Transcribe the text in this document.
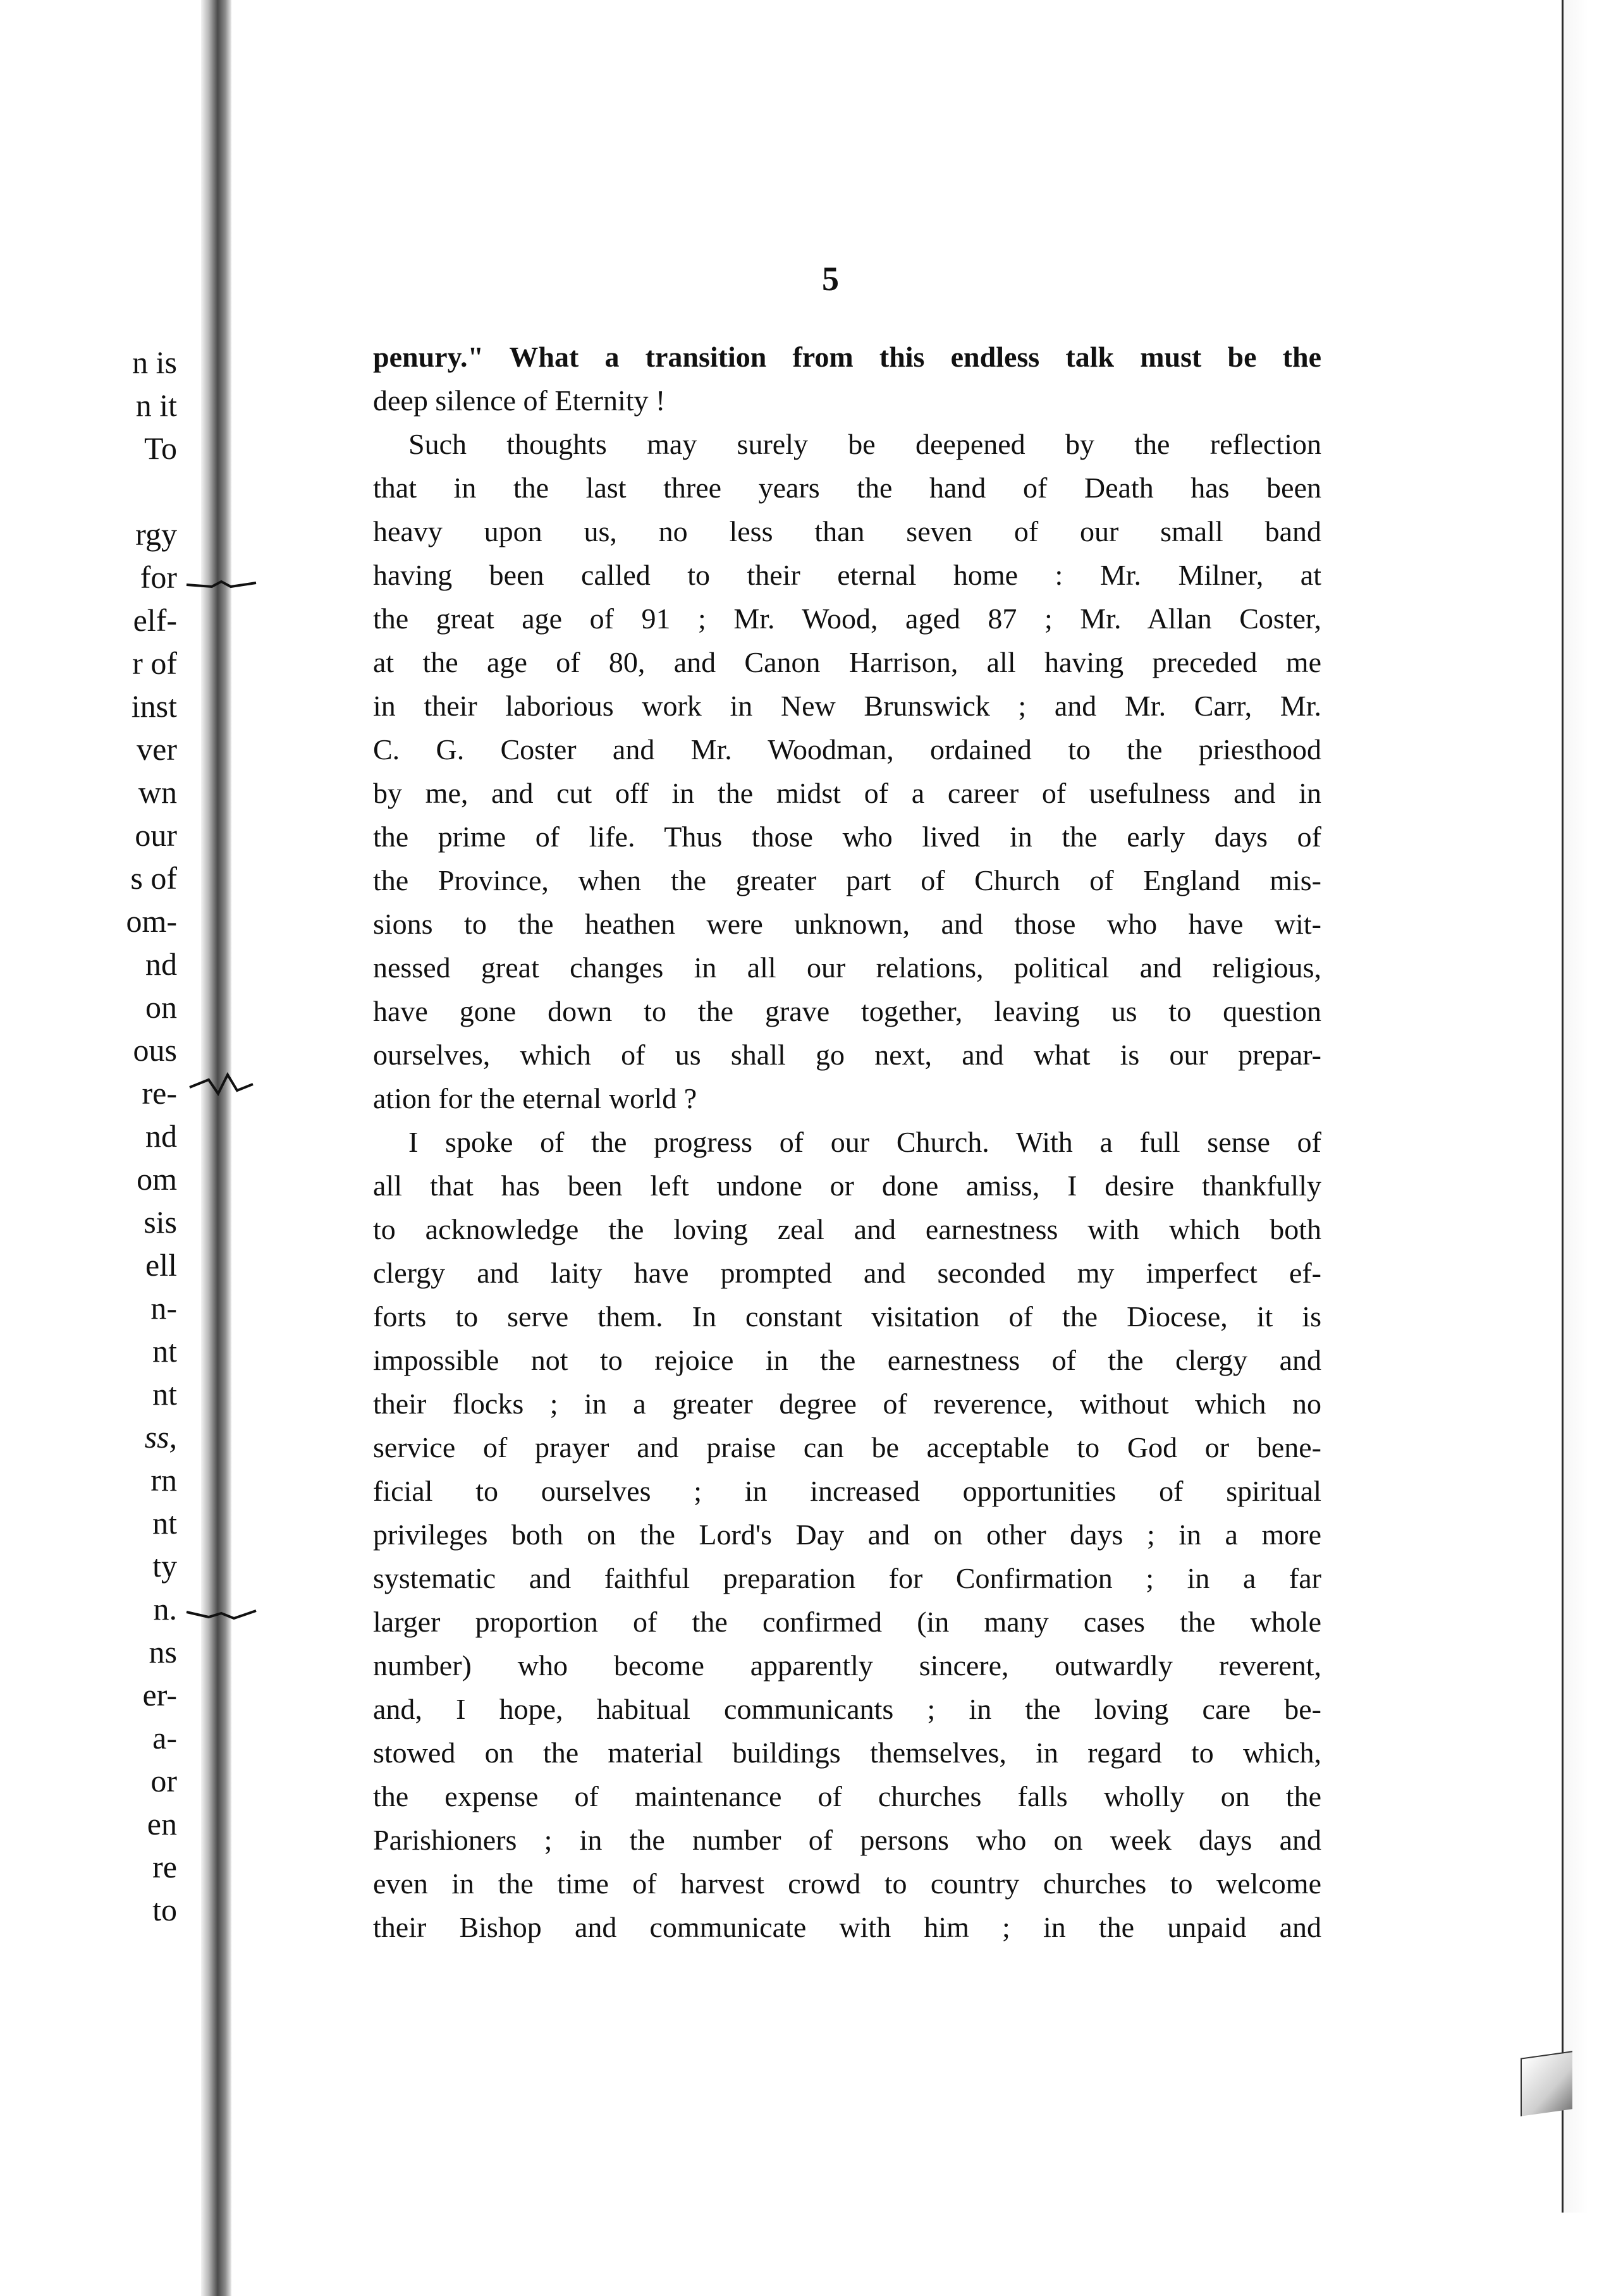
n is
n it
To
rgy
for
elf-
r of
inst
ver
wn
our
s of
om-
nd
on
ous
re-
nd
om
sis
ell
n-
nt
nt
ss,
rn
nt
ty
n.
ns
er-
a-
or
en
re
to
5
penury." What a transition from this endless talk must be the
deep silence of Eternity !
Such thoughts may surely be deepened by the reflection
that in the last three years the hand of Death has been
heavy upon us, no less than seven of our small band
having been called to their eternal home : Mr. Milner, at
the great age of 91 ; Mr. Wood, aged 87 ; Mr. Allan Coster,
at the age of 80, and Canon Harrison, all having preceded me
in their laborious work in New Brunswick ; and Mr. Carr, Mr.
C. G. Coster and Mr. Woodman, ordained to the priesthood
by me, and cut off in the midst of a career of usefulness and in
the prime of life. Thus those who lived in the early days of
the Province, when the greater part of Church of England mis-
sions to the heathen were unknown, and those who have wit-
nessed great changes in all our relations, political and religious,
have gone down to the grave together, leaving us to question
ourselves, which of us shall go next, and what is our prepar-
ation for the eternal world ?
I spoke of the progress of our Church. With a full sense of
all that has been left undone or done amiss, I desire thankfully
to acknowledge the loving zeal and earnestness with which both
clergy and laity have prompted and seconded my imperfect ef-
forts to serve them. In constant visitation of the Diocese, it is
impossible not to rejoice in the earnestness of the clergy and
their flocks ; in a greater degree of reverence, without which no
service of prayer and praise can be acceptable to God or bene-
ficial to ourselves ; in increased opportunities of spiritual
privileges both on the Lord's Day and on other days ; in a more
systematic and faithful preparation for Confirmation ; in a far
larger proportion of the confirmed (in many cases the whole
number) who become apparently sincere, outwardly reverent,
and, I hope, habitual communicants ; in the loving care be-
stowed on the material buildings themselves, in regard to which,
the expense of maintenance of churches falls wholly on the
Parishioners ; in the number of persons who on week days and
even in the time of harvest crowd to country churches to welcome
their Bishop and communicate with him ; in the unpaid and
